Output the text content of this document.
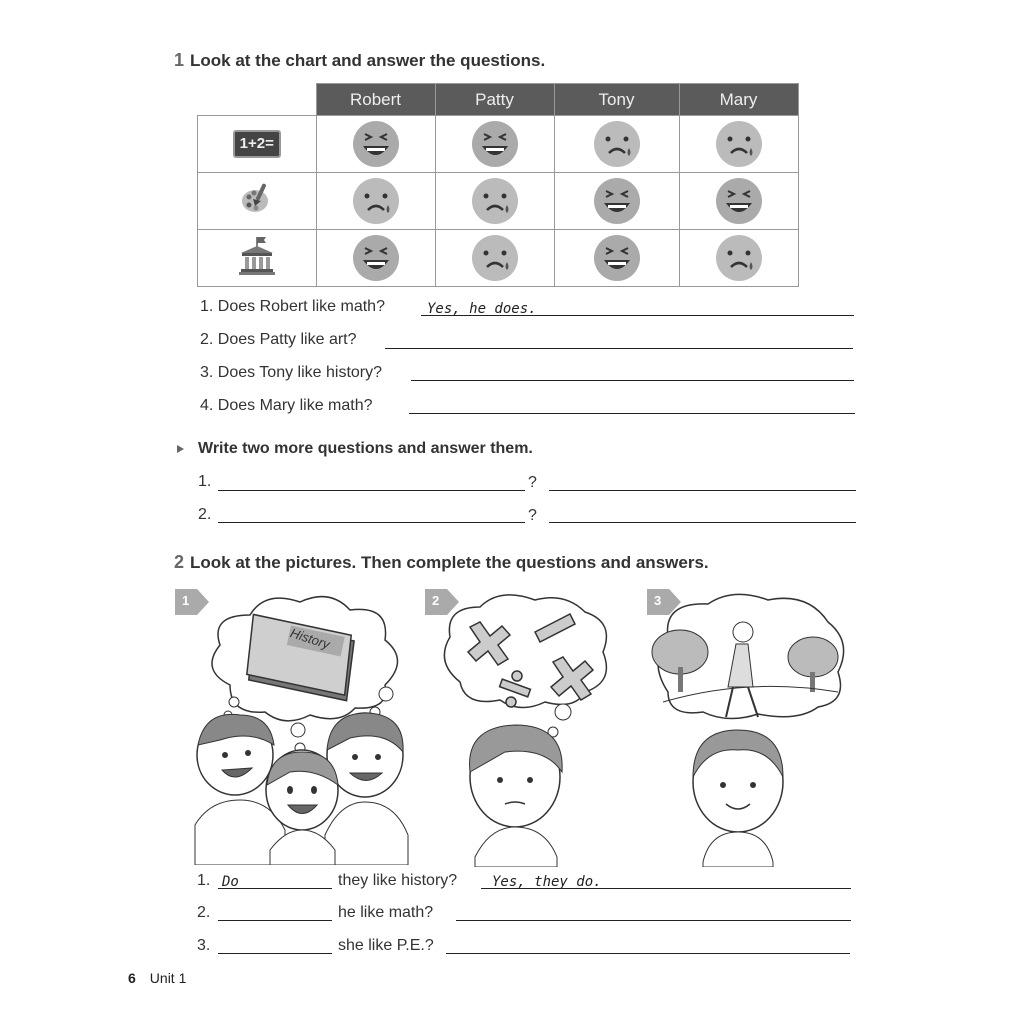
1 Look at the chart and answer the questions.
	Robert	Patty	Tony	Mary
1+2=	

1. Does Robert like math?	Yes, he does.
2. Does Patty like art?
3. Does Tony like history?
4. Does Mary like math?
Write two more questions and answer them.
1.	?
2.	?
2 Look at the pictures. Then complete the questions and answers.
1	2	3
History
1. Do	they like history? Yes, they do.
2.	he like math?
3.	she like P.E.?
6 Unit 1
